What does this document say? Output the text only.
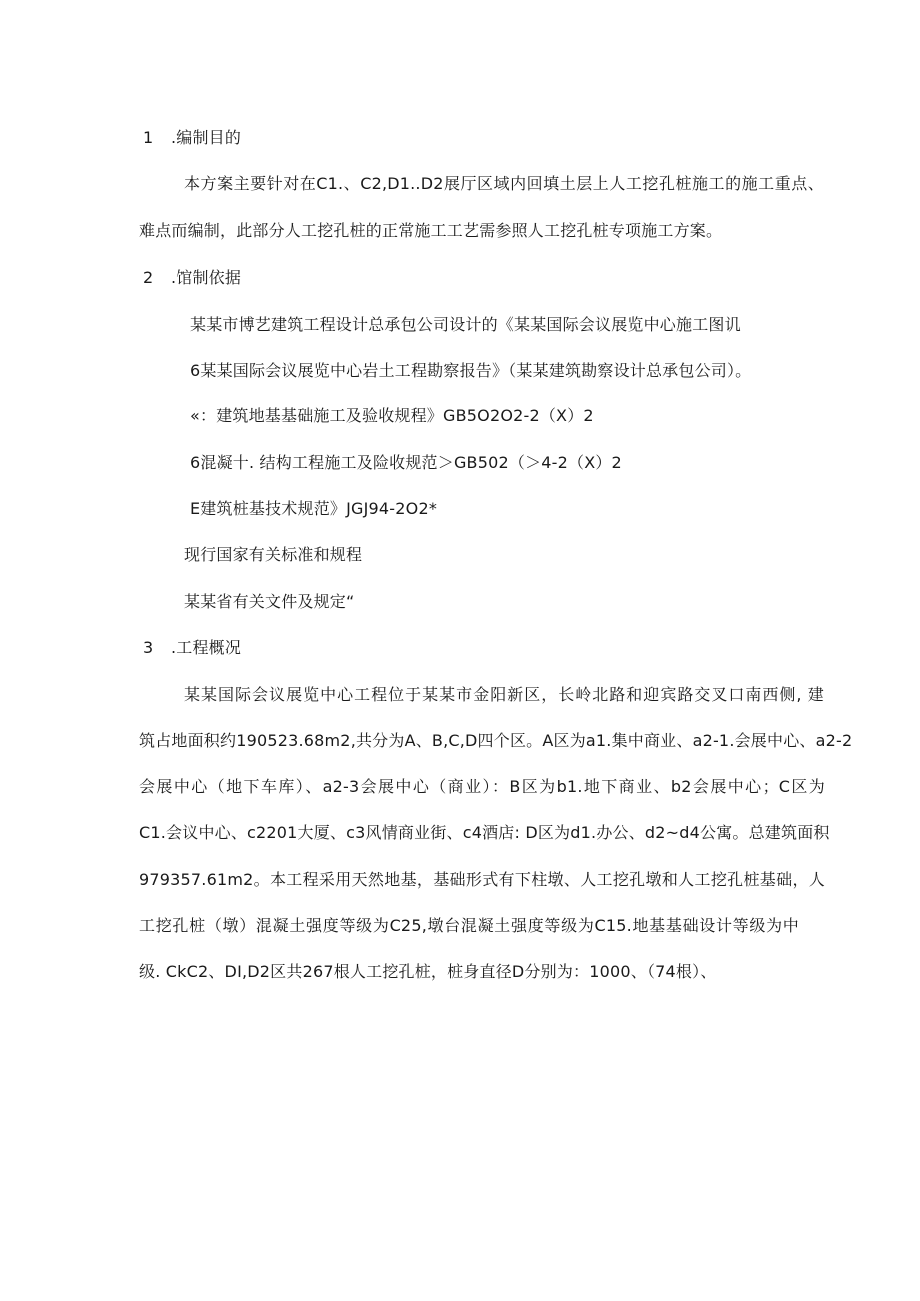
1 .编制目的
本方案主要针对在C1.、C2,D1..D2展厅区域内回填土层上人工挖孔桩施工的施工重点、
难点而编制，此部分人工挖孔桩的正常施工工艺需参照人工挖孔桩专项施工方案。
2 .馆制依据
某某市博艺建筑工程设计总承包公司设计的《某某国际会议展览中心施工图讥
6某某国际会议展览中心岩土工程勘察报告》（某某建筑勘察设计总承包公司）。
«：建筑地基基础施工及验收规程》GB5O2O2-2（X）2
6混凝十. 结构工程施工及险收规范＞GB502（＞4-2（X）2
E建筑桩基技术规范》JGJ94-2O2*
现行国家有关标准和规程
某某省有关文件及规定“
3 .工程概况
某某国际会议展览中心工程位于某某市金阳新区，长岭北路和迎宾路交叉口南西侧, 建
筑占地面积约190523.68m2,共分为A、B,C,D四个区。A区为a1.集中商业、a2-1.会展中心、a2-2
会展中心（地下车库）、a2-3会展中心（商业）：B区为b1.地下商业、b2会展中心；C区为
C1.会议中心、c2201大厦、c3风情商业街、c4酒店: D区为d1.办公、d2~d4公寓。总建筑面积
979357.61m2。本工程采用天然地基，基础形式有下柱墩、人工挖孔墩和人工挖孔桩基础，人
工挖孔桩（墩）混凝土强度等级为C25,墩台混凝土强度等级为C15.地基基础设计等级为中
级. CkC2、DI,D2区共267根人工挖孔桩，桩身直径D分别为：1000、（74根）、
